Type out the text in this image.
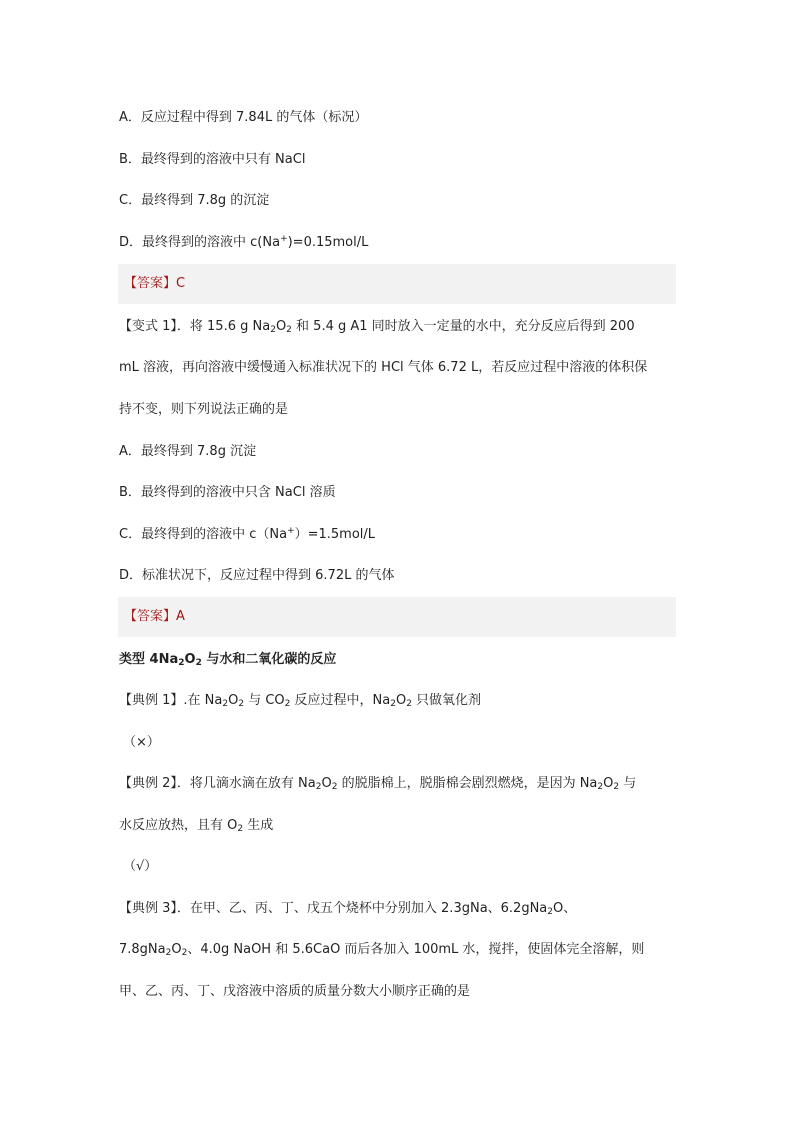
A．反应过程中得到 7.84L 的气体（标况）
B．最终得到的溶液中只有 NaCl
C．最终得到 7.8g 的沉淀
D．最终得到的溶液中 c(Na+)=0.15mol/L
【答案】C
【变式 1】．将 15.6 g $Na_2O_2$ 和 5.4 g A1 同时放入一定量的水中，充分反应后得到 200
mL 溶液，再向溶液中缓慢通入标准状况下的 HCl 气体 6.72 L，若反应过程中溶液的体积保
持不变，则下列说法正确的是
A．最终得到 7.8g 沉淀
B．最终得到的溶液中只含 NaCl 溶质
C．最终得到的溶液中 c（Na+）=1.5mol/L
D．标准状况下，反应过程中得到 6.72L 的气体
【答案】A
类型 $4Na_2O_2$ 与水和二氧化碳的反应
【典例 1】.在 $Na_2O_2$ 与 $CO_2$ 反应过程中，$Na_2O_2$ 只做氧化剂
（×）
【典例 2】．将几滴水滴在放有 $Na_2O_2$ 的脱脂棉上，脱脂棉会剧烈燃烧，是因为 $Na_2O_2$ 与
水反应放热，且有 $O_2$ 生成
（√）
【典例 3】．在甲、乙、丙、丁、戊五个烧杯中分别加入 2.3gNa、6.2gNa$_2$O、
$7.8gNa_2O_2$、4.0g NaOH 和 5.6CaO 而后各加入 100mL 水，搅拌，使固体完全溶解，则
甲、乙、丙、丁、戊溶液中溶质的质量分数大小顺序正确的是
